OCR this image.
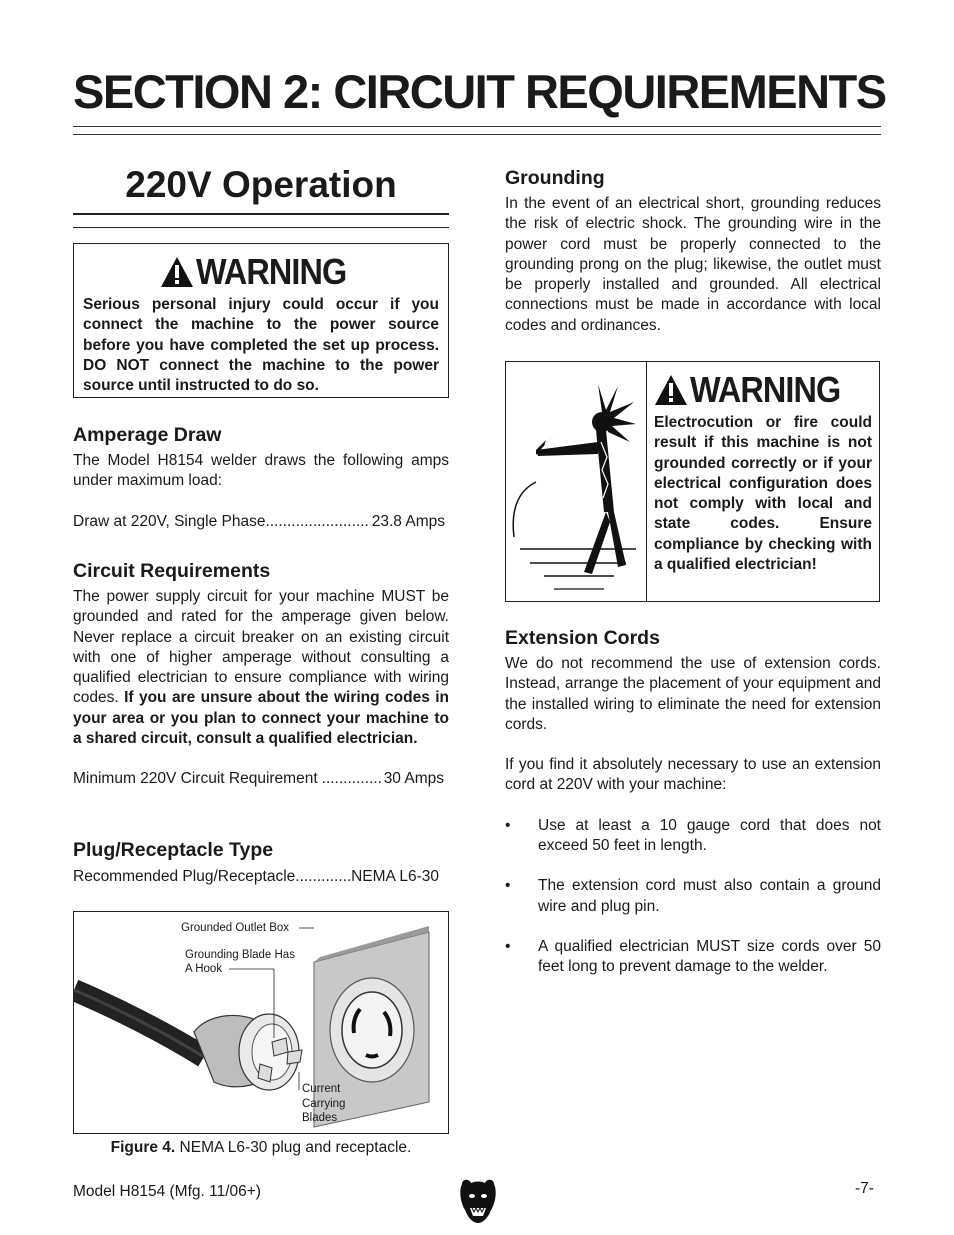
SECTION 2: CIRCUIT REQUIREMENTS
220V Operation
WARNING
Serious personal injury could occur if you connect the machine to the power source before you have completed the set up process. DO NOT connect the machine to the power source until instructed to do so.
Amperage Draw

The Model H8154 welder draws the following amps under maximum load:

Draw at 220V, Single Phase .....	23.8 Amps
Circuit Requirements

The power supply circuit for your machine MUST be grounded and rated for the amperage given below. Never replace a circuit breaker on an existing circuit with one of higher amperage without consulting a qualified electrician to ensure compliance with wiring codes. If you are unsure about the wiring codes in your area or you plan to connect your machine to a shared circuit, consult a qualified electrician.

Minimum 220V Circuit Requirement .....	30 Amps
Plug/Receptacle Type
Recommended Plug/Receptacle .....	NEMA L6-30
Grounded Outlet Box
Grounding Blade Has
A Hook
Current
Carrying
Blades
Figure 4. NEMA L6-30 plug and receptacle.
Grounding

In the event of an electrical short, grounding reduces the risk of electric shock. The grounding wire in the power cord must be properly connected to the grounding prong on the plug; likewise, the outlet must be properly installed and grounded. All electrical connections must be made in accordance with local codes and ordinances.

WARNING
Electrocution or fire could result if this machine is not grounded correctly or if your electrical configuration does not comply with local and state codes. Ensure compliance by checking with a qualified electrician!
Extension Cords

We do not recommend the use of extension cords. Instead, arrange the placement of your equipment and the installed wiring to eliminate the need for extension cords.

If you find it absolutely necessary to use an extension cord at 220V with your machine:

•	Use at least a 10 gauge cord that does not exceed 50 feet in length.
•	The extension cord must also contain a ground wire and plug pin.
•	A qualified electrician MUST size cords over 50 feet long to prevent damage to the welder.
Model H8154 (Mfg. 11/06+)	-7-
